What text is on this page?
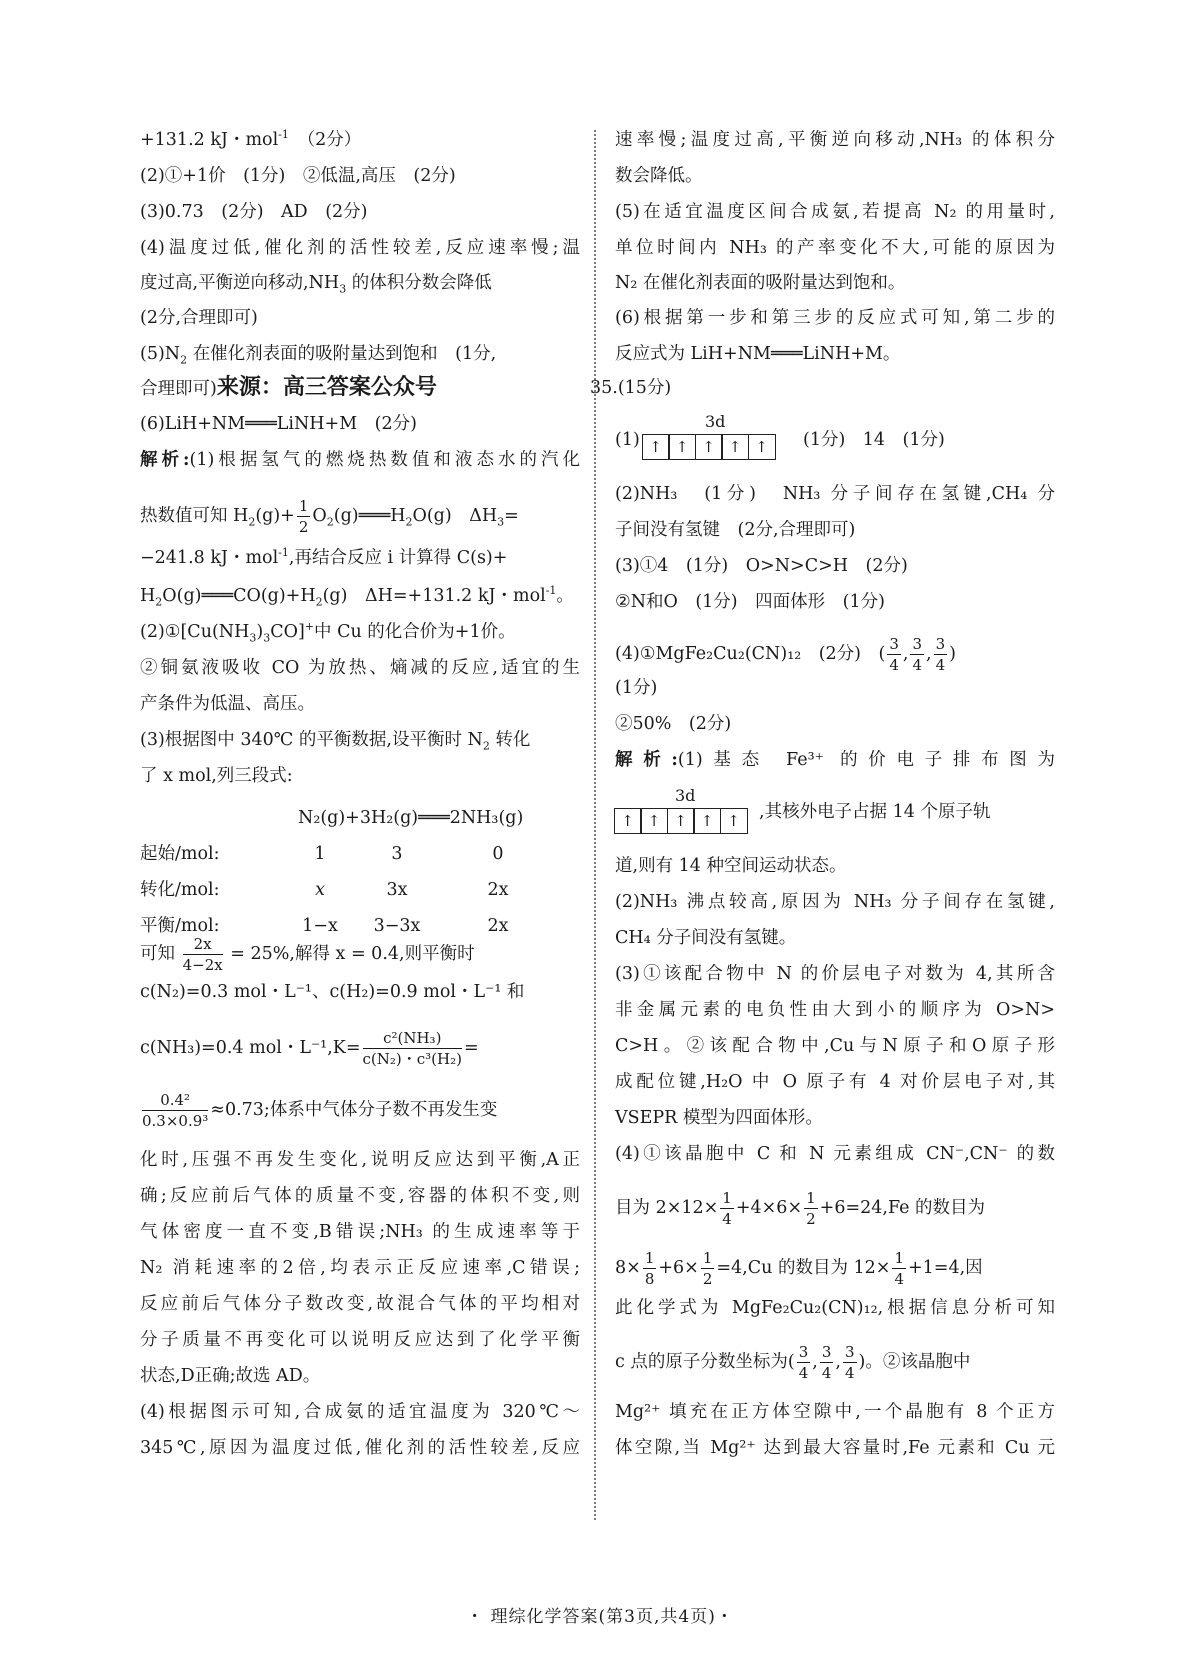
+131.2 kJ・mol$^{-1}$　 （2分）
(2)①+1价　(1分)　②低温,高压　(2分)
(3)0.73　(2分)　AD　(2分)
(4)温度过低,催化剂的活性较差,反应速率慢;温
度过高,平衡逆向移动$,NH_3$ 的体积分数会降低
(2分,合理即可)
$(5)N_2$ 在催化剂表面的吸附量达到饱和　(1分,
合理即可)来源：高三答案公众号
(6)LiH+NM═══LiNH+M　(2分)
解析:(1)根据氢气的燃烧热数值和液态水的汽化
热数值可知 $H_2(g)+ \frac{1}{2}$ $O_2(g)═══H_2O(g)$　$\Delta H_3=$
−241.8 kJ・mol$^{-1}$,再结合反应 i 计算得 C(s)+
$H_2O(g)═══CO(g)+H_2(g)$　ΔH=+131.2 kJ・mol$^{-1}$。
$(2)①[Cu(NH_3)_3CO]^+$中 Cu 的化合价为+1价。
②铜氨液吸收 CO 为放热、熵减的反应,适宜的生
产条件为低温、高压。
(3)根据图中 340℃ 的平衡数据,设平衡时 $N_2$ 转化
了 x mol,列三段式:
N₂(g)+3H₂(g)═══2NH₃(g)
起始/mol:	1	3	0
转化/mol:	x	3x	2x
平衡/mol:	1−x	3−3x	2x
可知 $\frac{2x}{4-2x} = 25\%$,解得 x = 0.4,则平衡时
c(N₂)=0.3 mol・L⁻¹、c(H₂)=0.9 mol・L⁻¹ 和
c(NH₃)=0.4 mol・$L^{-1},K= \frac{\text{c²(NH₃)}}{\text{c(N₂)・c³(H₂)}}$ =
$\frac{\text{0.4²}}{\text{0.3×0.9³}} \approx 0.73$;体系中气体分子数不再发生变
化时,压强不再发生变化,说明反应达到平衡,A正
确;反应前后气体的质量不变,容器的体积不变,则
气体密度一直不变,B错误;NH₃ 的生成速率等于
N₂ 消耗速率的2倍,均表示正反应速率,C错误;
反应前后气体分子数改变,故混合气体的平均相对
分子质量不再变化可以说明反应达到了化学平衡
状态,D正确;故选 AD。
(4)根据图示可知,合成氨的适宜温度为 320℃～
345℃,原因为温度过低,催化剂的活性较差,反应
速率慢;温度过高,平衡逆向移动,NH₃ 的体积分
数会降低。
(5)在适宜温度区间合成氨,若提高 N₂ 的用量时,
单位时间内 NH₃ 的产率变化不大,可能的原因为
N₂ 在催化剂表面的吸附量达到饱和。
(6)根据第一步和第三步的反应式可知,第二步的
反应式为 LiH+NM═══LiNH+M。
35.(15分)
3d
(1) ↑ ↑ ↑ ↑ ↑	(1分)　14　(1分)
(2)NH₃　(1分)　NH₃ 分子间存在氢键,CH₄ 分
子间没有氢键　(2分,合理即可)
(3)①4　(1分)　O>N>C>H　(2分)
②N和O　(1分)　四面体形　(1分)
(4)①MgFe₂Cu₂(CN)₁₂　(2分)　( $\frac{3}{4}$ , $\frac{3}{4}$ , $\frac{3}{4}$ )
(1分)
②50%　(2分)
解析:(1)基态 Fe³⁺ 的价电子排布图为
3d
↑ ↑ ↑ ↑ ↑	,其核外电子占据 14 个原子轨
道,则有 14 种空间运动状态。
(2)NH₃ 沸点较高,原因为 NH₃ 分子间存在氢键,
CH₄ 分子间没有氢键。
(3)①该配合物中 N 的价层电子对数为 4,其所含
非金属元素的电负性由大到小的顺序为 O>N>
C>H。②该配合物中,Cu与N原子和O原子形
成配位键,H₂O 中 O 原子有 4 对价层电子对,其
VSEPR 模型为四面体形。
(4)①该晶胞中 C 和 N 元素组成 CN⁻,CN⁻ 的数
目为 $2\times 12\times \frac{1}{4} +4\times 6\times \frac{1}{2} +6=24,Fe$ 的数目为
$8\times \frac{1}{8} +6\times \frac{1}{2} =4,Cu$ 的数目为 $12\times \frac{1}{4} +1=4$,因
此化学式为 MgFe₂Cu₂(CN)₁₂,根据信息分析可知
c 点的原子分数坐标为( $\frac{3}{4}$ , $\frac{3}{4}$ , $\frac{3}{4}$ )。②该晶胞中
Mg²⁺ 填充在正方体空隙中,一个晶胞有 8 个正方
体空隙,当 Mg²⁺ 达到最大容量时,Fe 元素和 Cu 元
・ 理综化学答案(第3页,共4页)・
